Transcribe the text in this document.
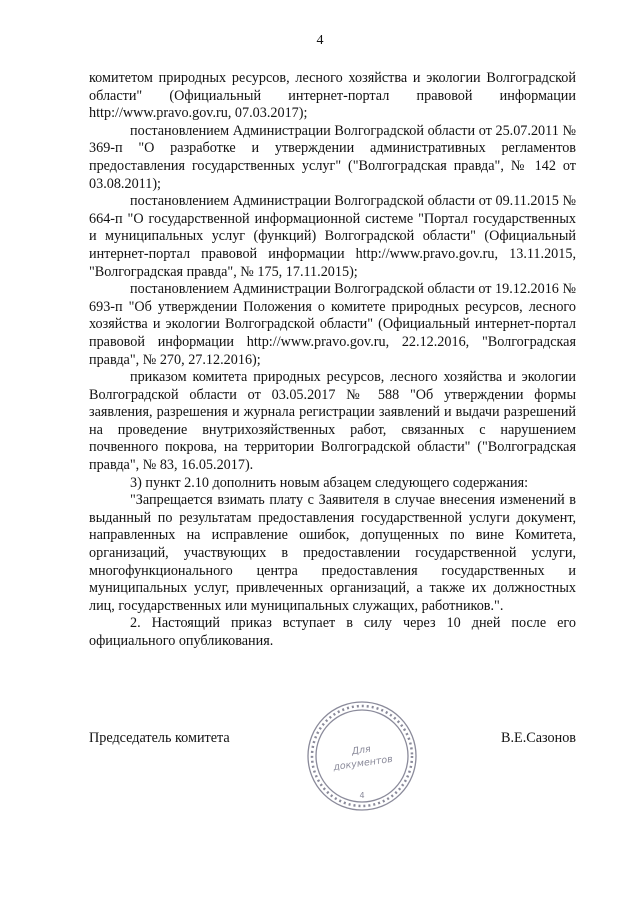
4

комитетом природных ресурсов, лесного хозяйства и экологии Волгоградской области" (Официальный интернет-портал правовой информации http://www.pravo.gov.ru, 07.03.2017);

постановлением Администрации Волгоградской области от 25.07.2011 № 369-п "О разработке и утверждении административных регламентов предоставления государственных услуг" ("Волгоградская правда", № 142 от 03.08.2011);

постановлением Администрации Волгоградской области от 09.11.2015 № 664-п "О государственной информационной системе "Портал государственных и муниципальных услуг (функций) Волгоградской области" (Официальный интернет-портал правовой информации http://www.pravo.gov.ru, 13.11.2015, "Волгоградская правда", № 175, 17.11.2015);

постановлением Администрации Волгоградской области от 19.12.2016 № 693-п "Об утверждении Положения о комитете природных ресурсов, лесного хозяйства и экологии Волгоградской области" (Официальный интернет-портал правовой информации http://www.pravo.gov.ru, 22.12.2016, "Волгоградская правда", № 270, 27.12.2016);

приказом комитета природных ресурсов, лесного хозяйства и экологии Волгоградской области от 03.05.2017 № 588 "Об утверждении формы заявления, разрешения и журнала регистрации заявлений и выдачи разрешений на проведение внутрихозяйственных работ, связанных с нарушением почвенного покрова, на территории Волгоградской области" ("Волгоградская правда", № 83, 16.05.2017).

3) пункт 2.10 дополнить новым абзацем следующего содержания:

"Запрещается взимать плату с Заявителя в случае внесения изменений в выданный по результатам предоставления государственной услуги документ, направленных на исправление ошибок, допущенных по вине Комитета, организаций, участвующих в предоставлении государственной услуги, многофункционального центра предоставления государственных и муниципальных услуг, привлеченных организаций, а также их должностных лиц, государственных или муниципальных служащих, работников.".

2. Настоящий приказ вступает в силу через 10 дней после его официального опубликования.

Председатель комитета	В.Е.Сазонов
Для
документов
4
